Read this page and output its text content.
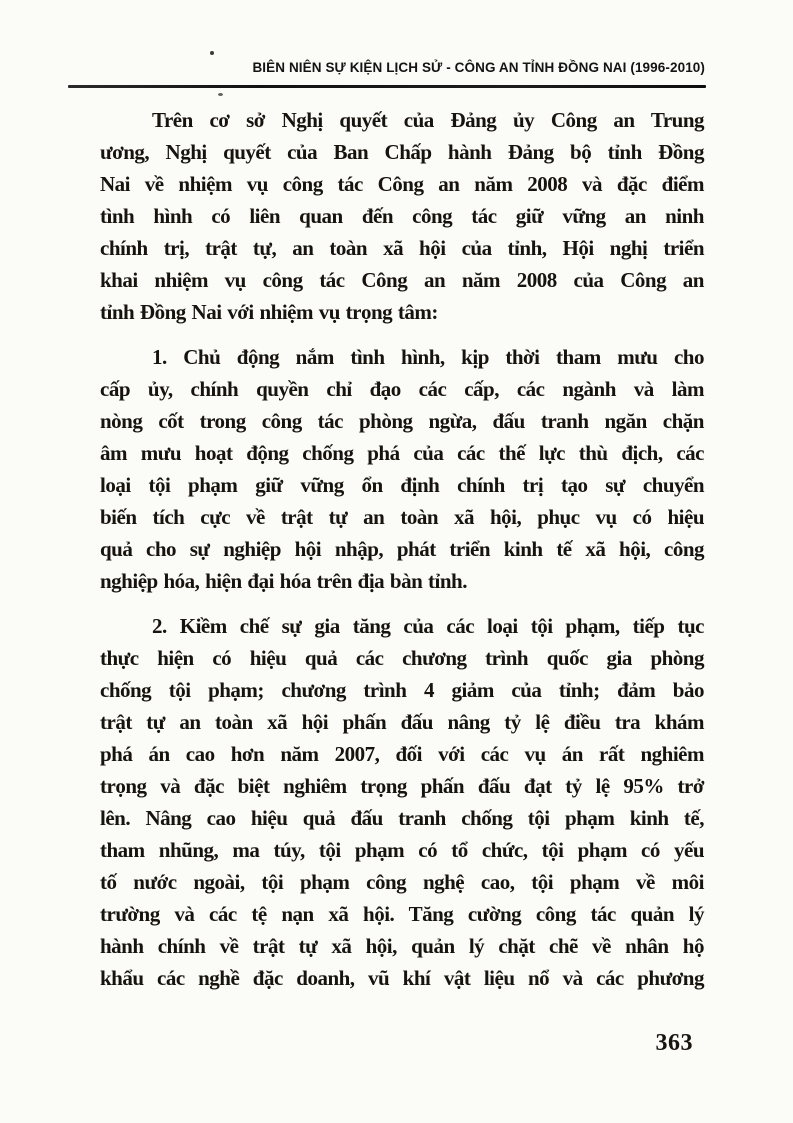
BIÊN NIÊN SỰ KIỆN LỊCH SỬ - CÔNG AN TỈNH ĐỒNG NAI (1996-2010)
Trên cơ sở Nghị quyết của Đảng ủy Công an Trung
ương, Nghị quyết của Ban Chấp hành Đảng bộ tỉnh Đồng
Nai về nhiệm vụ công tác Công an năm 2008 và đặc điểm
tình hình có liên quan đến công tác giữ vững an ninh
chính trị, trật tự, an toàn xã hội của tỉnh, Hội nghị triển
khai nhiệm vụ công tác Công an năm 2008 của Công an
tỉnh Đồng Nai với nhiệm vụ trọng tâm:
1. Chủ động nắm tình hình, kịp thời tham mưu cho
cấp ủy, chính quyền chỉ đạo các cấp, các ngành và làm
nòng cốt trong công tác phòng ngừa, đấu tranh ngăn chặn
âm mưu hoạt động chống phá của các thế lực thù địch, các
loại tội phạm giữ vững ổn định chính trị tạo sự chuyển
biến tích cực về trật tự an toàn xã hội, phục vụ có hiệu
quả cho sự nghiệp hội nhập, phát triển kinh tế xã hội, công
nghiệp hóa, hiện đại hóa trên địa bàn tỉnh.
2. Kiềm chế sự gia tăng của các loại tội phạm, tiếp tục
thực hiện có hiệu quả các chương trình quốc gia phòng
chống tội phạm; chương trình 4 giảm của tỉnh; đảm bảo
trật tự an toàn xã hội phấn đấu nâng tỷ lệ điều tra khám
phá án cao hơn năm 2007, đối với các vụ án rất nghiêm
trọng và đặc biệt nghiêm trọng phấn đấu đạt tỷ lệ 95% trở
lên. Nâng cao hiệu quả đấu tranh chống tội phạm kinh tế,
tham nhũng, ma túy, tội phạm có tổ chức, tội phạm có yếu
tố nước ngoài, tội phạm công nghệ cao, tội phạm về môi
trường và các tệ nạn xã hội. Tăng cường công tác quản lý
hành chính về trật tự xã hội, quản lý chặt chẽ về nhân hộ
khẩu các nghề đặc doanh, vũ khí vật liệu nổ và các phương
363
